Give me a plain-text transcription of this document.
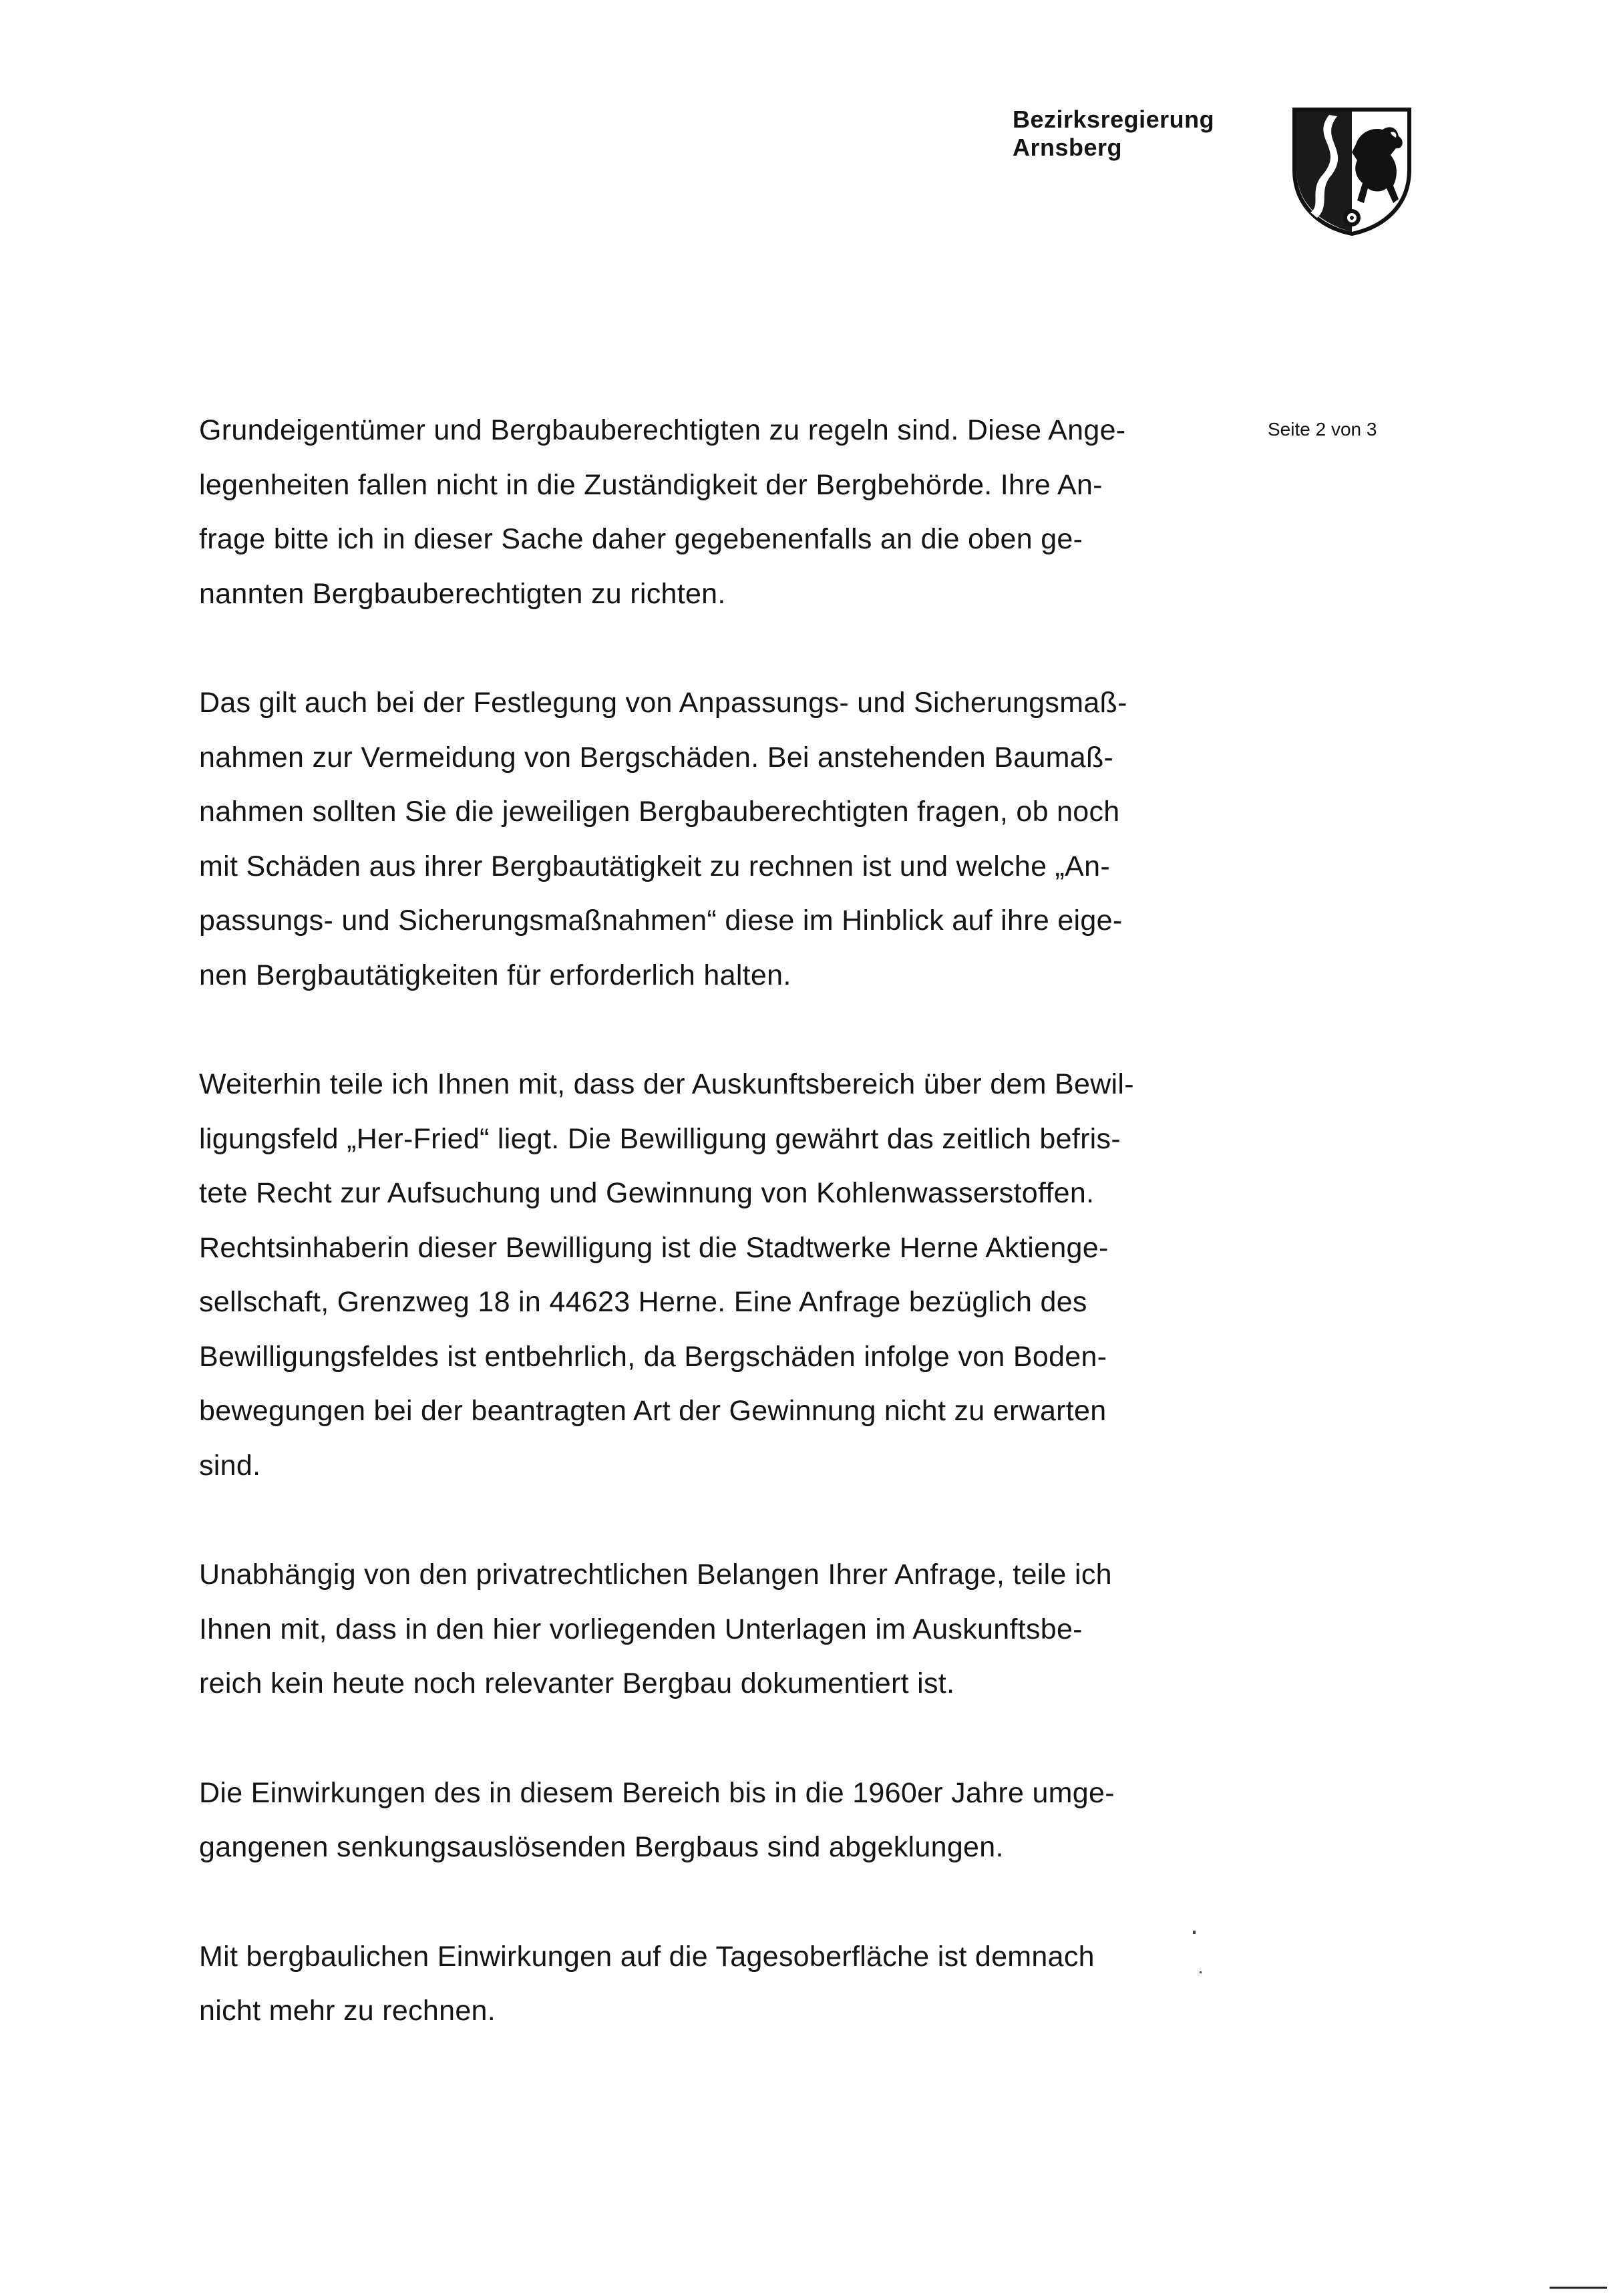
Bezirksregierung
Arnsberg
Seite 2 von 3
Grundeigentümer und Bergbauberechtigten zu regeln sind. Diese Ange-
legenheiten fallen nicht in die Zuständigkeit der Bergbehörde. Ihre An-
frage bitte ich in dieser Sache daher gegebenenfalls an die oben ge-
nannten Bergbauberechtigten zu richten.
Das gilt auch bei der Festlegung von Anpassungs- und Sicherungsmaß-
nahmen zur Vermeidung von Bergschäden. Bei anstehenden Baumaß-
nahmen sollten Sie die jeweiligen Bergbauberechtigten fragen, ob noch
mit Schäden aus ihrer Bergbautätigkeit zu rechnen ist und welche „An-
passungs- und Sicherungsmaßnahmen“ diese im Hinblick auf ihre eige-
nen Bergbautätigkeiten für erforderlich halten.
Weiterhin teile ich Ihnen mit, dass der Auskunftsbereich über dem Bewil-
ligungsfeld „Her-Fried“ liegt. Die Bewilligung gewährt das zeitlich befris-
tete Recht zur Aufsuchung und Gewinnung von Kohlenwasserstoffen.
Rechtsinhaberin dieser Bewilligung ist die Stadtwerke Herne Aktienge-
sellschaft, Grenzweg 18 in 44623 Herne. Eine Anfrage bezüglich des
Bewilligungsfeldes ist entbehrlich, da Bergschäden infolge von Boden-
bewegungen bei der beantragten Art der Gewinnung nicht zu erwarten
sind.
Unabhängig von den privatrechtlichen Belangen Ihrer Anfrage, teile ich
Ihnen mit, dass in den hier vorliegenden Unterlagen im Auskunftsbe-
reich kein heute noch relevanter Bergbau dokumentiert ist.
Die Einwirkungen des in diesem Bereich bis in die 1960er Jahre umge-
gangenen senkungsauslösenden Bergbaus sind abgeklungen.
Mit bergbaulichen Einwirkungen auf die Tagesoberfläche ist demnach
nicht mehr zu rechnen.
